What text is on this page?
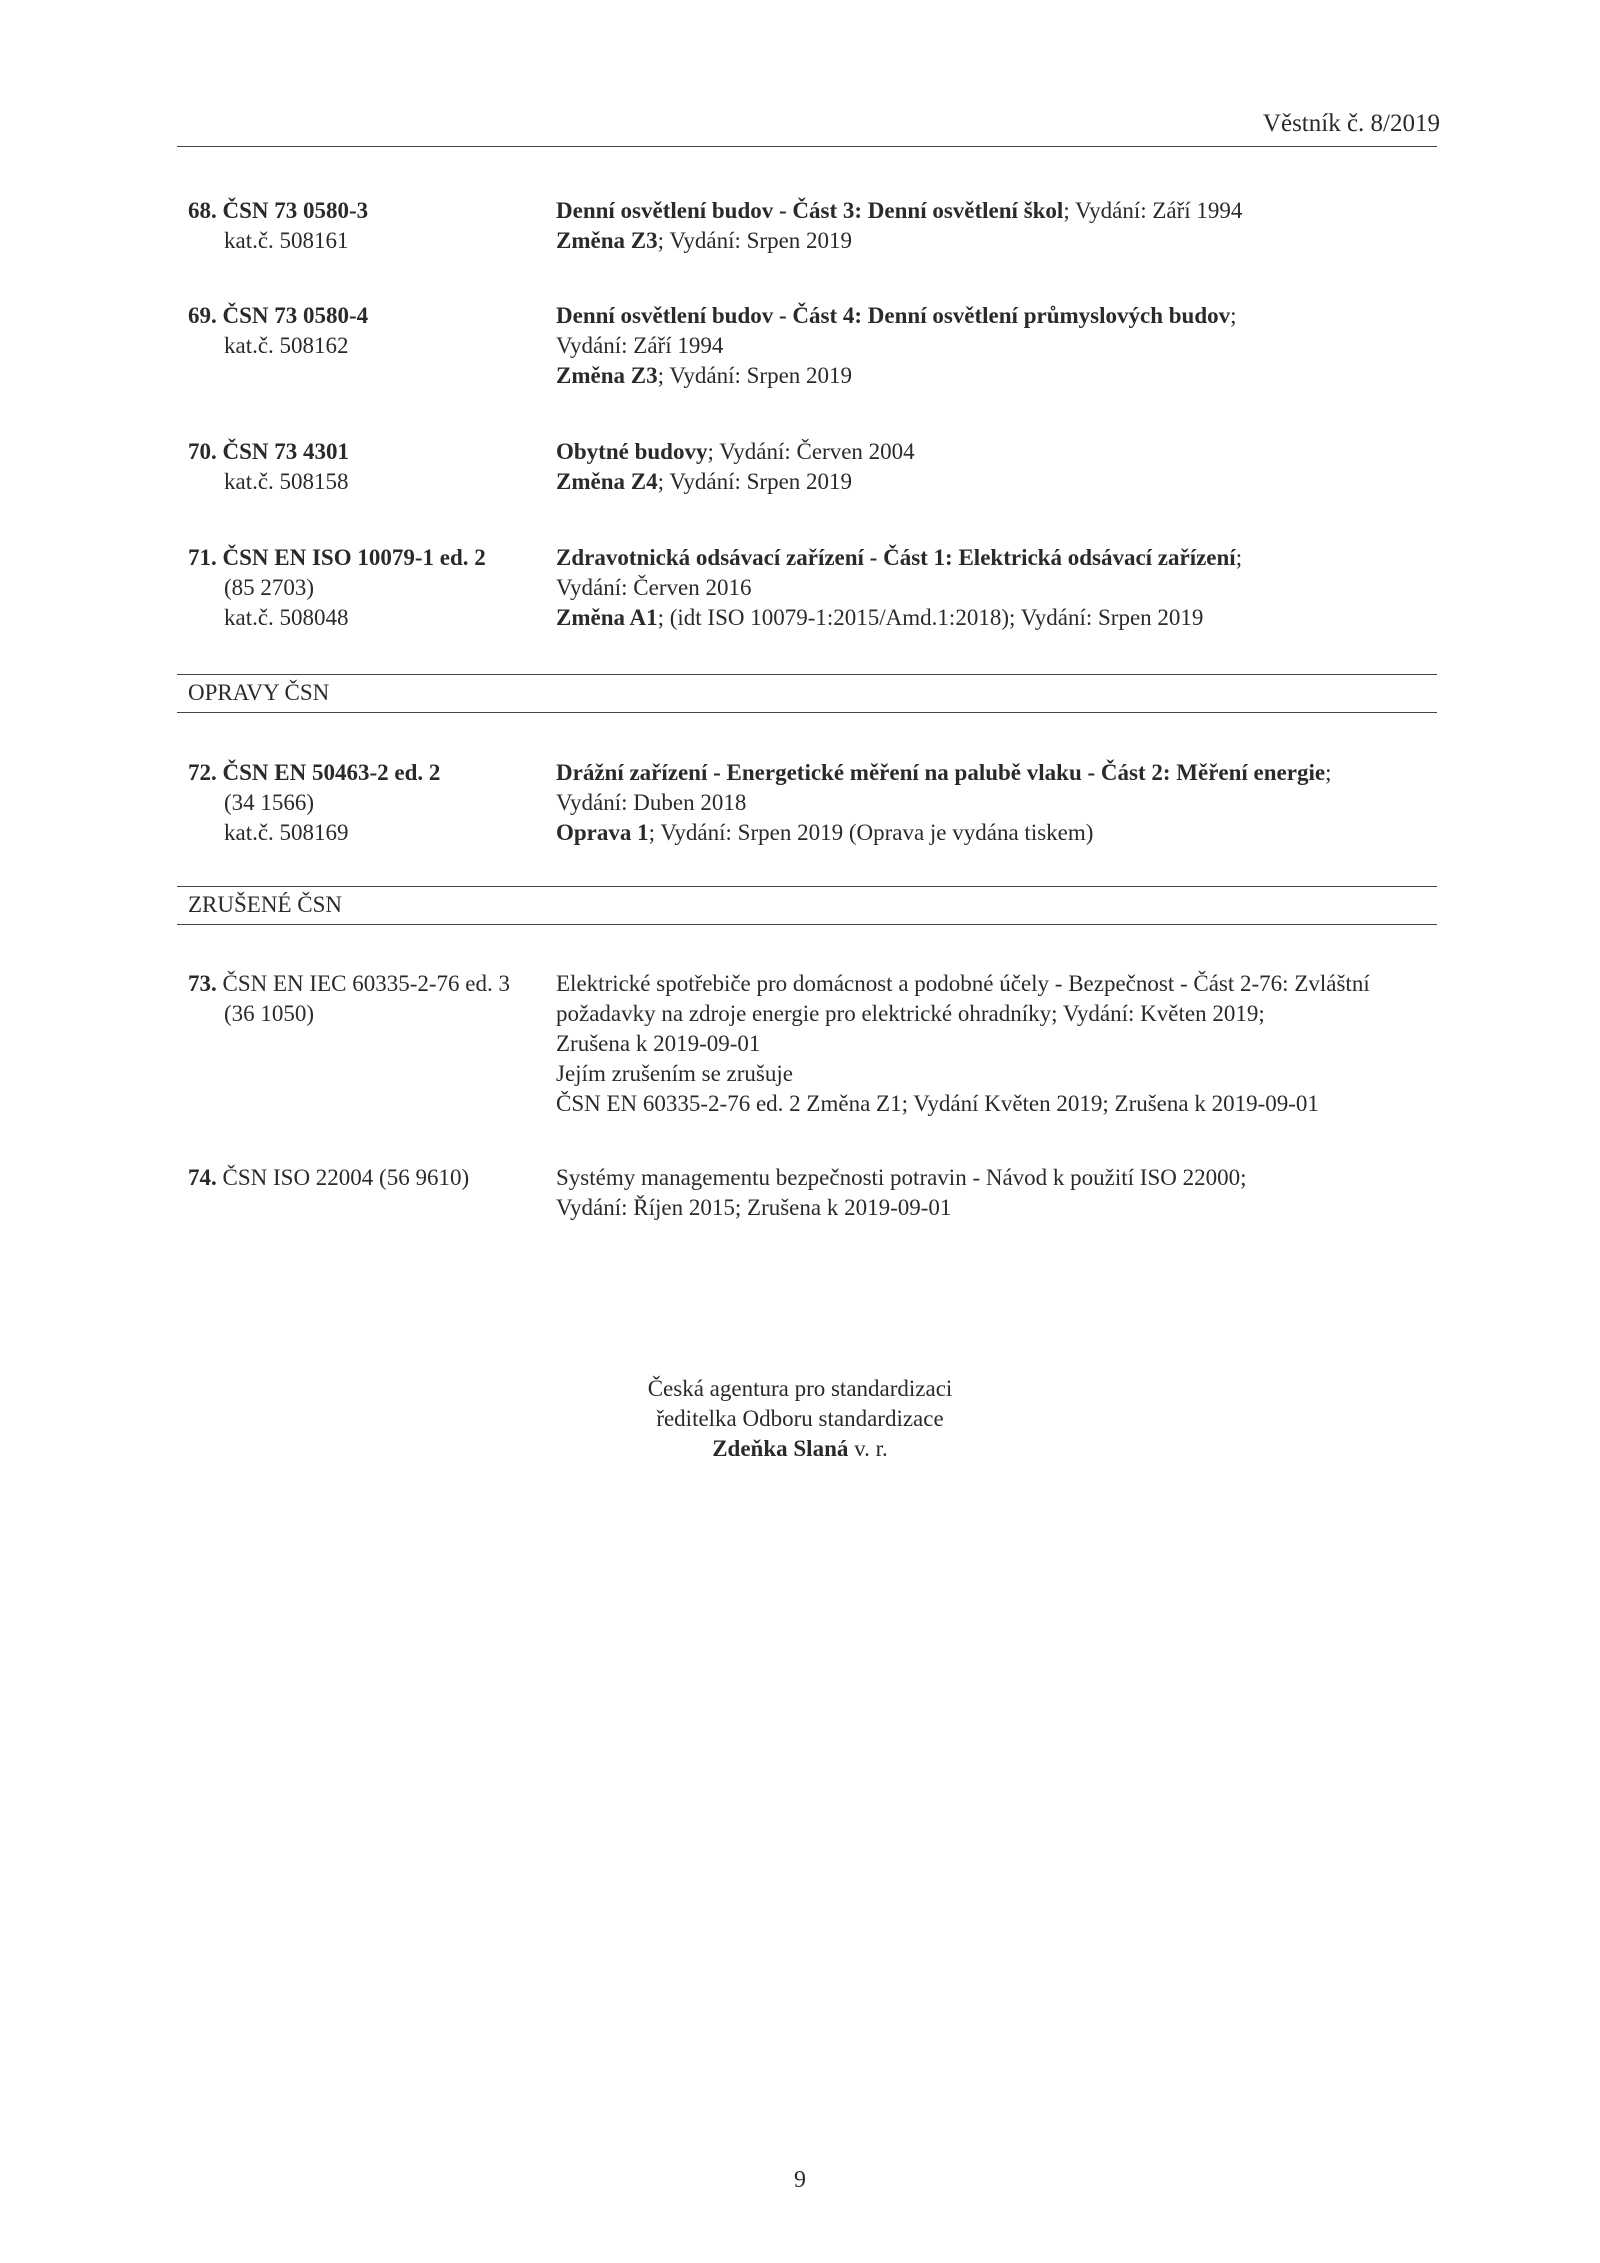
Věstník č. 8/2019
68. ČSN 73 0580-3	Denní osvětlení budov - Část 3: Denní osvětlení škol; Vydání: Září 1994
kat.č. 508161	Změna Z3; Vydání: Srpen 2019
69. ČSN 73 0580-4	Denní osvětlení budov - Část 4: Denní osvětlení průmyslových budov;
kat.č. 508162	Vydání: Září 1994
Změna Z3; Vydání: Srpen 2019
70. ČSN 73 4301	Obytné budovy; Vydání: Červen 2004
kat.č. 508158	Změna Z4; Vydání: Srpen 2019
71. ČSN EN ISO 10079-1 ed. 2	Zdravotnická odsávací zařízení - Část 1: Elektrická odsávací zařízení;
(85 2703)	Vydání: Červen 2016
kat.č. 508048	Změna A1; (idt ISO 10079-1:2015/Amd.1:2018); Vydání: Srpen 2019
OPRAVY ČSN
72. ČSN EN 50463-2 ed. 2	Drážní zařízení - Energetické měření na palubě vlaku - Část 2: Měření energie;
(34 1566)	Vydání: Duben 2018
kat.č. 508169	Oprava 1; Vydání: Srpen 2019 (Oprava je vydána tiskem)
ZRUŠENÉ ČSN
73. ČSN EN IEC 60335-2-76 ed. 3	Elektrické spotřebiče pro domácnost a podobné účely - Bezpečnost - Část 2-76: Zvláštní
(36 1050)	požadavky na zdroje energie pro elektrické ohradníky; Vydání: Květen 2019;
Zrušena k 2019-09-01
Jejím zrušením se zrušuje
ČSN EN 60335-2-76 ed. 2 Změna Z1; Vydání Květen 2019; Zrušena k 2019-09-01
74. ČSN ISO 22004 (56 9610)	Systémy managementu bezpečnosti potravin - Návod k použití ISO 22000;
Vydání: Říjen 2015; Zrušena k 2019-09-01
Česká agentura pro standardizaci
ředitelka Odboru standardizace
Zdeňka Slaná v. r.
9
